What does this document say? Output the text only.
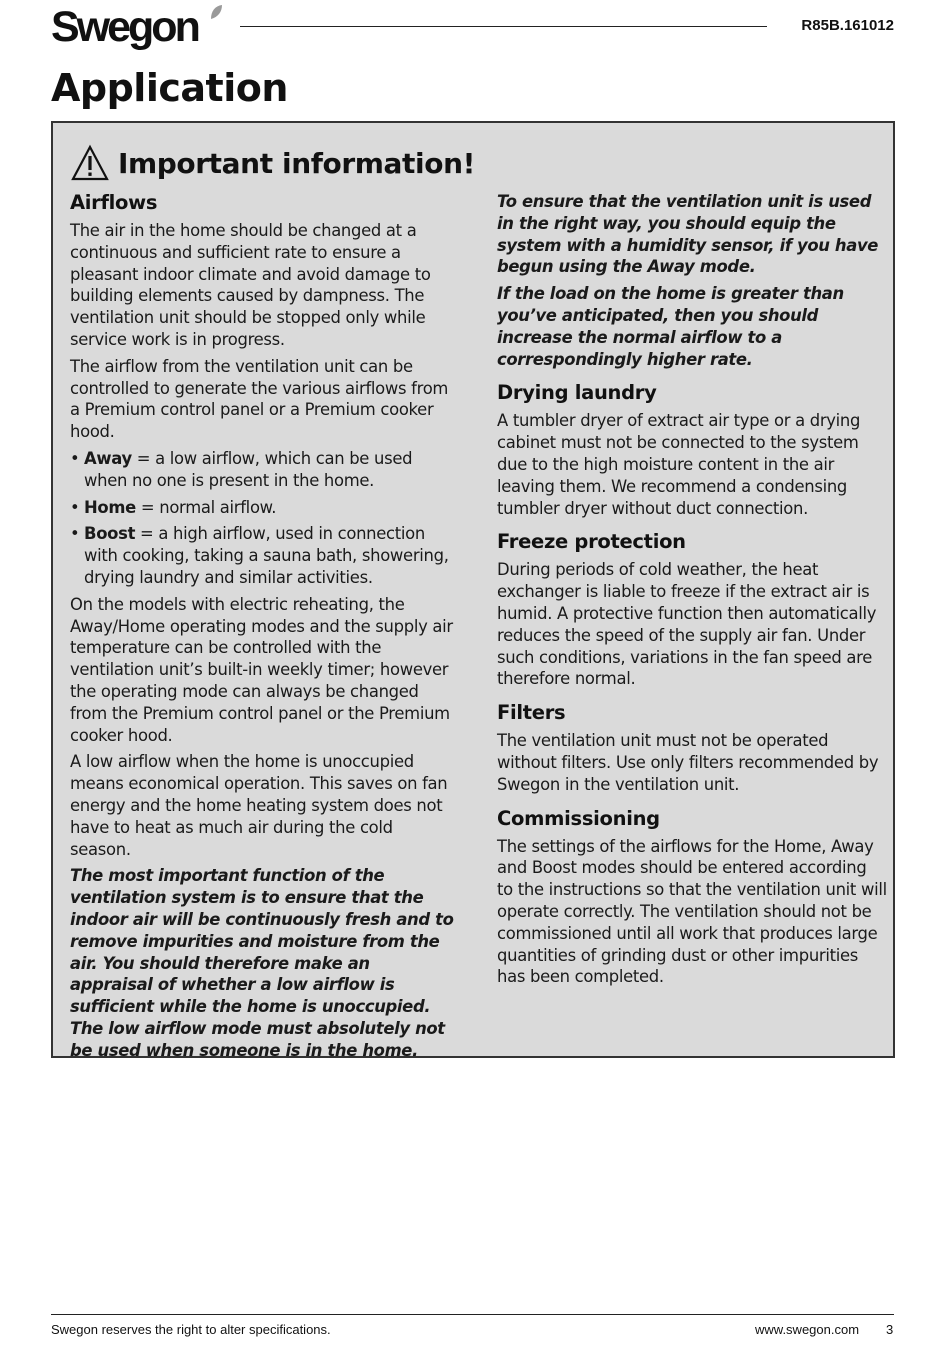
Swegon	R85B.161012
Application
Important information!
Airflows

The air in the home should be changed at a continuous and sufficient rate to ensure a pleasant indoor climate and avoid damage to building elements caused by dampness. The ventilation unit should be stopped only while service work is in progress.

The airflow from the ventilation unit can be controlled to generate the various airflows from a Premium control panel or a Premium cooker hood.

• Away = a low airflow, which can be used when no one is present in the home.
• Home = normal airflow.
• Boost = a high airflow, used in connection with cooking, taking a sauna bath, showering, drying laundry and similar activities.

On the models with electric reheating, the Away/Home operating modes and the supply air temperature can be controlled with the ventilation unit’s built-in weekly timer; however the operating mode can always be changed from the Premium control panel or the Premium cooker hood.

A low airflow when the home is unoccupied means economical operation. This saves on fan energy and the home heating system does not have to heat as much air during the cold season.

The most important function of the ventilation system is to ensure that the indoor air will be continuously fresh and to remove impurities and moisture from the air. You should therefore make an appraisal of whether a low airflow is sufficient while the home is unoccupied. The low airflow mode must absolutely not be used when someone is in the home.

To ensure that the ventilation unit is used in the right way, you should equip the system with a humidity sensor, if you have begun using the Away mode.

If the load on the home is greater than you’ve anticipated, then you should increase the normal airflow to a correspondingly higher rate.

Drying laundry

A tumbler dryer of extract air type or a drying cabinet must not be connected to the system due to the high moisture content in the air leaving them. We recommend a condensing tumbler dryer without duct connection.

Freeze protection

During periods of cold weather, the heat exchanger is liable to freeze if the extract air is humid. A protective function then automatically reduces the speed of the supply air fan. Under such conditions, variations in the fan speed are therefore normal.

Filters

The ventilation unit must not be operated without filters. Use only filters recommended by Swegon in the ventilation unit.

Commissioning

The settings of the airflows for the Home, Away and Boost modes should be entered according to the instructions so that the ventilation unit will operate correctly. The ventilation should not be commissioned until all work that produces large quantities of grinding dust or other impurities has been completed.

Swegon reserves the right to alter specifications.	www.swegon.com 3
